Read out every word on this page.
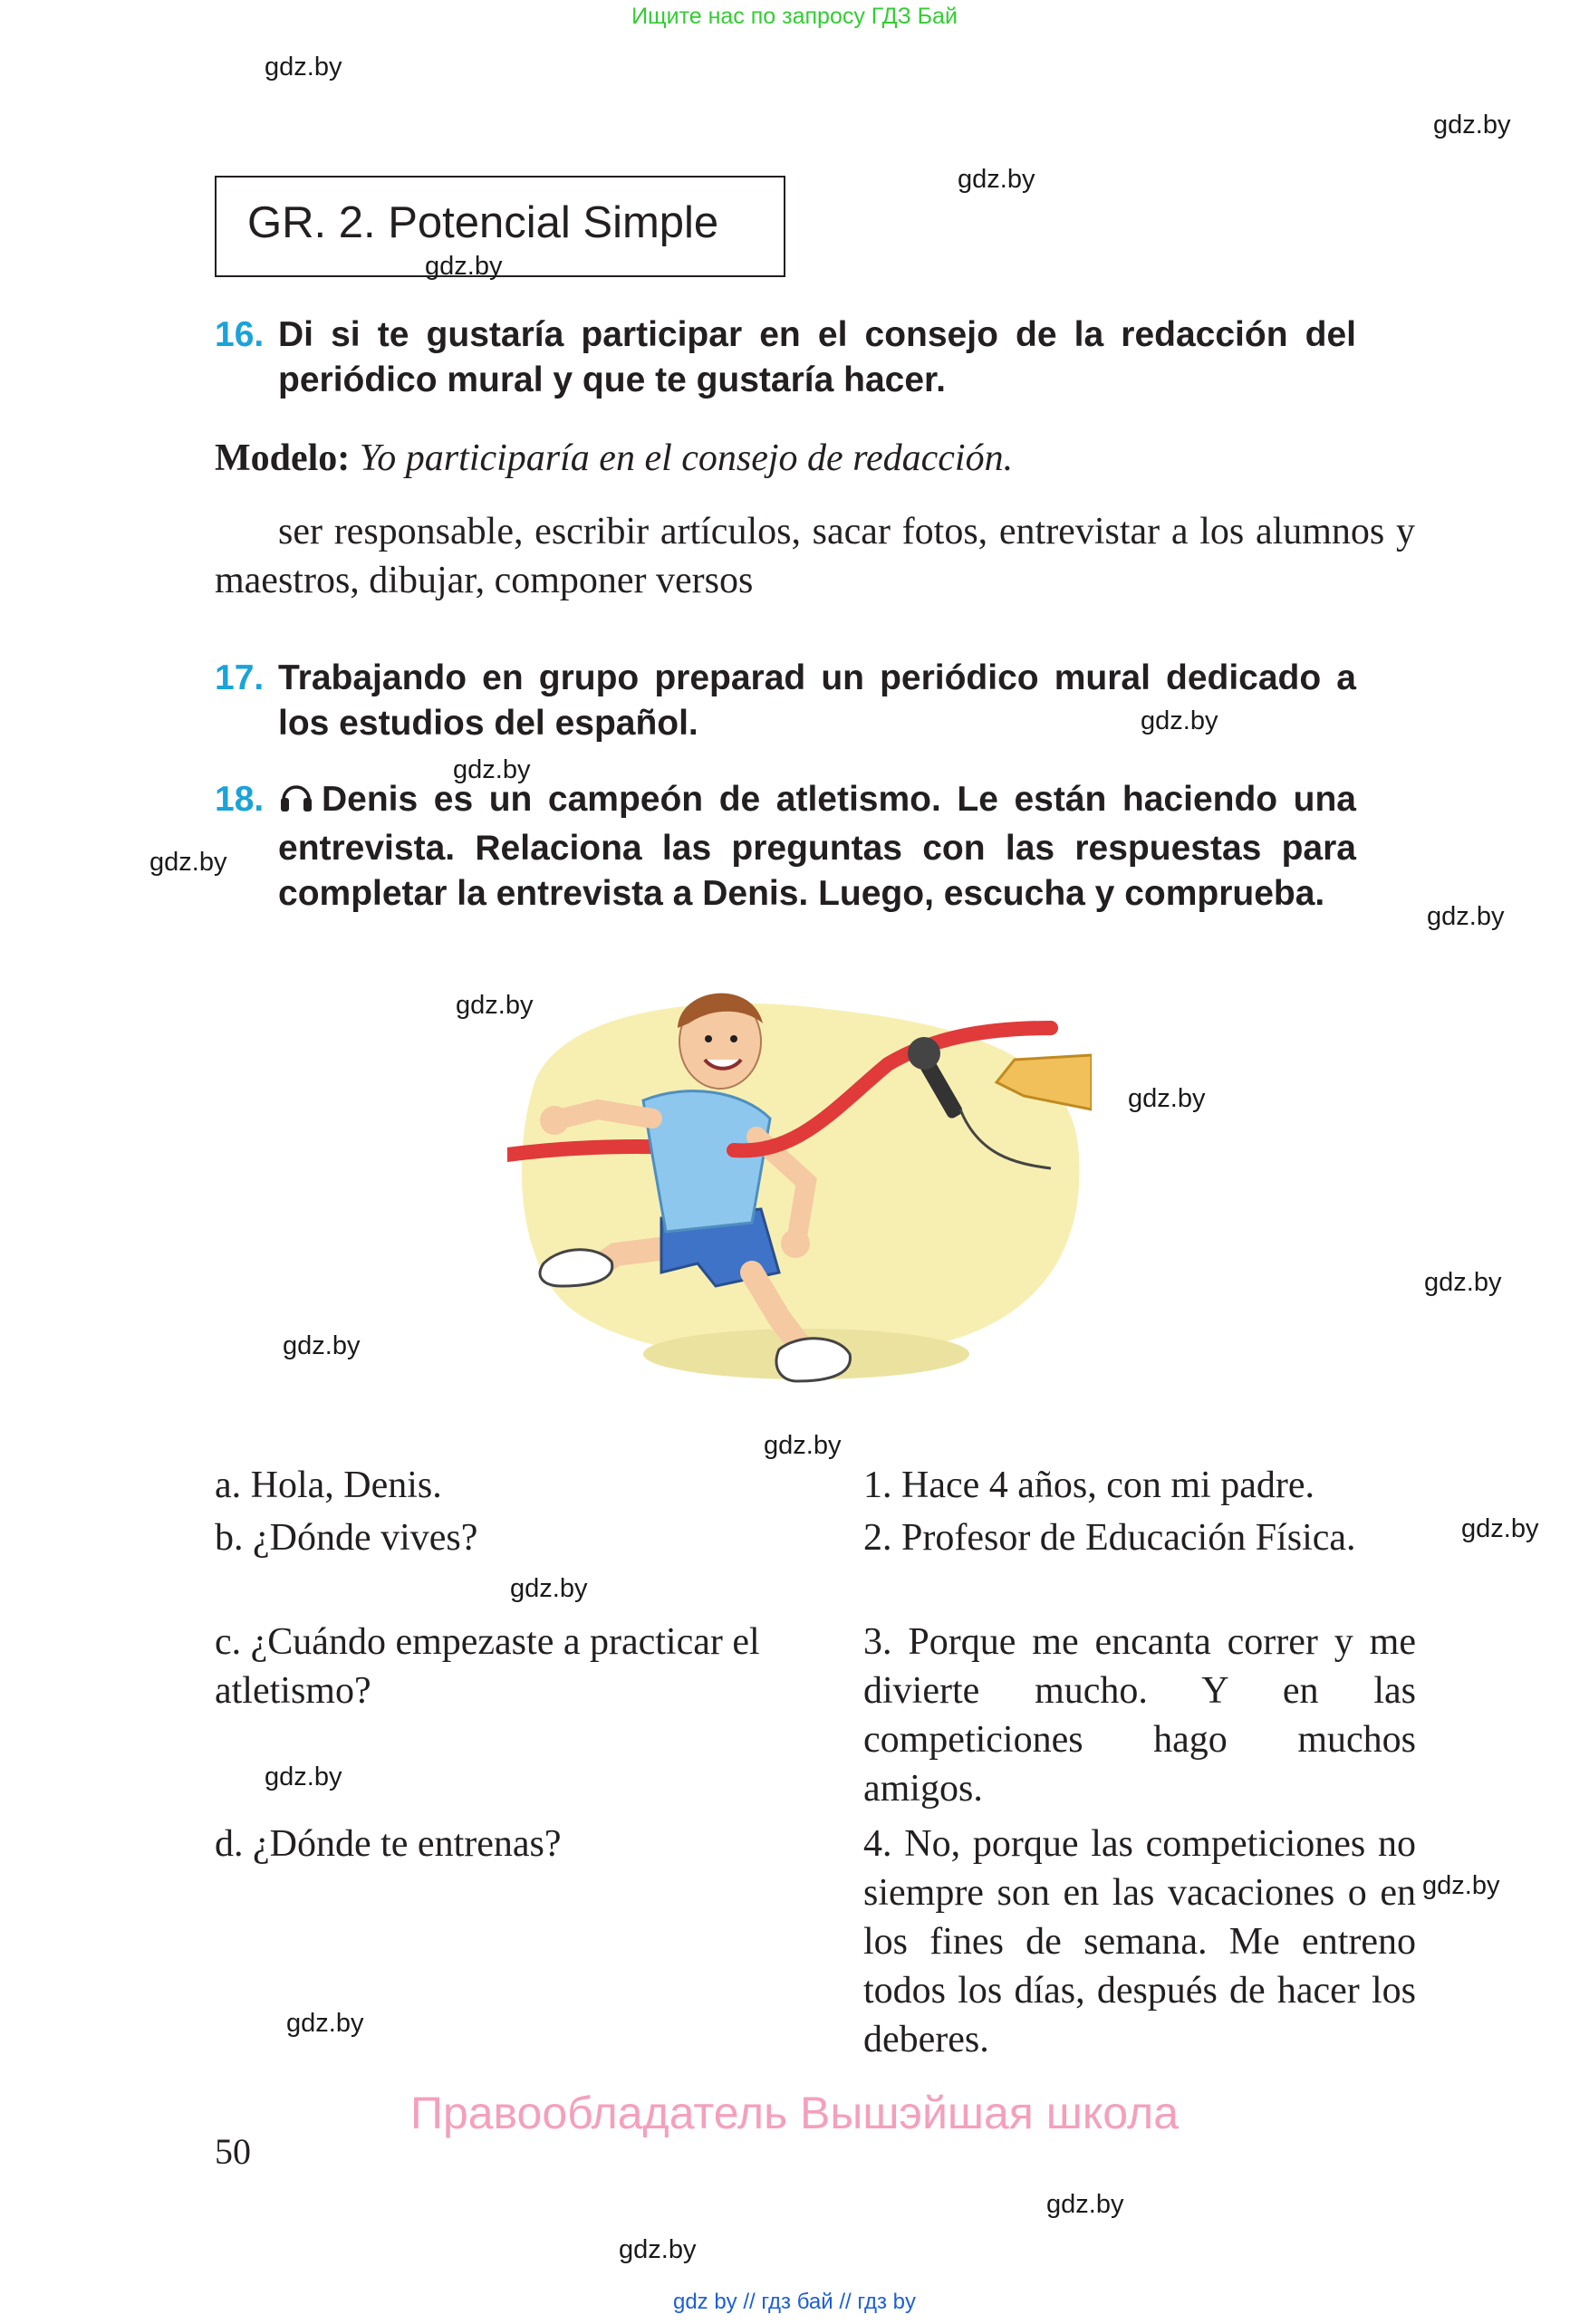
Ищите нас по запросу ГДЗ Бай
gdz.by
gdz.by
gdz.by
gdz.by
gdz.by
gdz.by
gdz.by
gdz.by
gdz.by
gdz.by
gdz.by
gdz.by
gdz.by
gdz.by
gdz.by
gdz.by
gdz.by
gdz.by
gdz.by
GR. 2. Potencial Simple
gdz.by
16. Di si te gustaría participar en el consejo de la redacción del periódico mural y que te gustaría hacer.
Modelo: Yo participaría en el consejo de redacción.
ser responsable, escribir artículos, sacar fotos, entrevistar a los alumnos y maestros, dibujar, componer versos
17. Trabajando en grupo preparad un periódico mural dedicado a los estudios del español.
18.	Denis es un campeón de atletismo. Le están haciendo una entrevista. Relaciona las preguntas con las respuestas para completar la entrevista a Denis. Luego, escucha y comprueba.
a. Hola, Denis.
b. ¿Dónde vives?
c. ¿Cuándo empezaste a practicar el atletismo?
d. ¿Dónde te entrenas?
1. Hace 4 años, con mi padre.
2. Profesor de Educación Física.
3. Porque me encanta correr y me divierte mucho. Y en las competiciones hago muchos amigos.
4. No, porque las competiciones no siempre son en las vacaciones o en los fines de semana. Me entreno todos los días, después de hacer los deberes.
Правообладатель Вышэйшая школа
50
gdz by // гдз бай // гдз by
